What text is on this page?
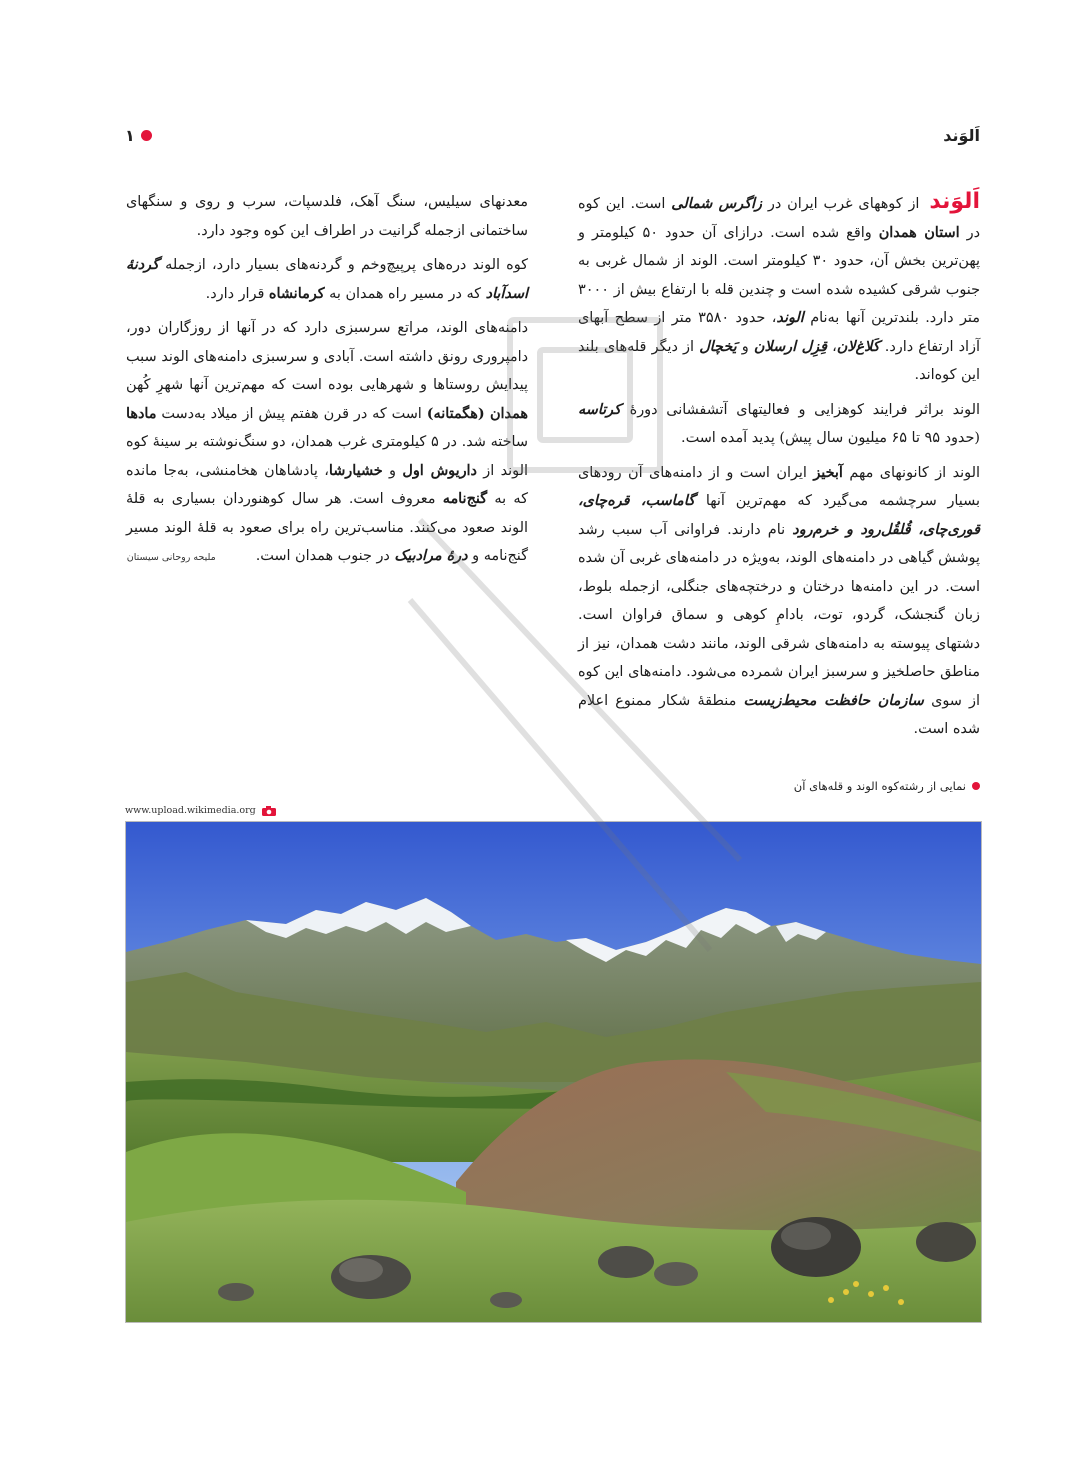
اَلوَند
۱

اَلوَنداز کوههای غرب ایران در زاگرس شمالی است. این کوه در استان همدان واقع شده است. درازای آن حدود ۵۰ کیلومتر و پهن‌ترین بخش آن، حدود ۳۰ کیلومتر است. الوند از شمال غربی به جنوب شرقی کشیده شده است و چندین قله با ارتفاع بیش از ۳۰۰۰ متر دارد. بلندترین آنها به‌نام الوند، حدود ۳۵۸۰ متر از سطح آبهای آزاد ارتفاع دارد. کَلاغ‌لان، قِزِل ارسلان و یَخچال از دیگر قله‌های بلند این کوه‌اند.

الوند براثر فرایند کوهزایی و فعالیتهای آتشفشانی دورهٔ کرتاسه (حدود ۹۵ تا ۶۵ میلیون سال پیش) پدید آمده است.

الوند از کانونهای مهم آبخیز ایران است و از دامنه‌های آن رودهای بسیار سرچشمه می‌گیرد که مهم‌ترین آنها گاماسب، قره‌چای، قوری‌چای، قُلقُل‌رود و خرم‌رود نام دارند. فراوانی آب سبب رشد پوشش گیاهی در دامنه‌های الوند، به‌ویژه در دامنه‌های غربی آن شده است. در این دامنه‌ها درختان و درختچه‌های جنگلی، ازجمله بلوط، زبان گنجشک، گردو، توت، بادامِ کوهی و سماق فراوان است. دشتهای پیوسته به دامنه‌های شرقی الوند، مانند دشت همدان، نیز از مناطق حاصلخیز و سرسبز ایران شمرده می‌شود. دامنه‌های این کوه از سوی سازمان حافظت محیط‌زیست منطقهٔ شکار ممنوع اعلام شده است.

معدنهای سیلیس، سنگ آهک، فلدسپات، سرب و روی و سنگهای ساختمانی ازجمله گرانیت در اطراف این کوه وجود دارد.

کوه الوند دره‌های پرپیچ‌وخم و گردنه‌های بسیار دارد، ازجمله گردنهٔ اسدآباد که در مسیر راه همدان به کرمانشاه قرار دارد.

دامنه‌های الوند، مراتع سرسبزی دارد که در آنها از روزگاران دور، دامپروری رونق داشته است. آبادی و سرسبزی دامنه‌های الوند سبب پیدایش روستاها و شهرهایی بوده است که مهم‌ترین آنها شهرِ کُهن همدان (هگمتانه) است که در قرن هفتم پیش از میلاد به‌دست مادها ساخته شد. در ۵ کیلومتری غرب همدان، دو سنگ‌نوشته بر سینهٔ کوه الوند از داریوش اول و خشیارشا، پادشاهان هخامنشی، به‌جا مانده که به گنج‌نامه معروف است. هر سال کوهنوردان بسیاری به قلهٔ الوند صعود می‌کنند. مناسب‌ترین راه برای صعود به قلهٔ الوند مسیر گنج‌نامه و درهٔ مرادبیک در جنوب همدان است.ملیحه روحانی سیستان

نمایی از رشته‌کوه الوند و قله‌های آن
www.upload.wikimedia.org
